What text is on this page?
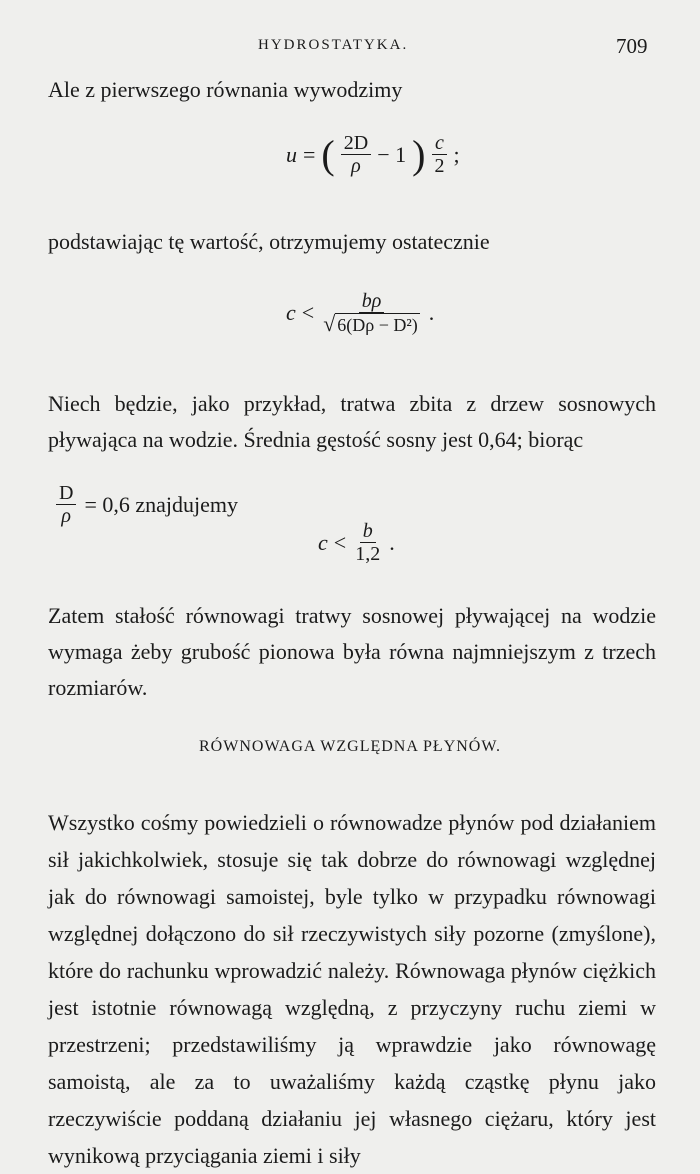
HYDROSTATYKA.	709
Ale z pierwszego równania wywodzimy
u = ( $\frac{2D}{\rho} - 1$ ) $\frac{c}{2}$ ;
podstawiając tę wartość, otrzymujemy ostatecznie
$c < \frac{b\rho}{\text{√ 6(Dρ − D²)}}$ .
Niech będzie, jako przykład, tratwa zbita z drzew sosnowych pływająca na wodzie. Średnia gęstość sosny jest 0,64; biorąc
$\frac{D}{\rho} = 0,6$ znajdujemy
$c < \frac{b}{1,2}$ .
Zatem stałość równowagi tratwy sosnowej pływającej na wodzie wymaga żeby grubość pionowa była równa najmniejszym z trzech rozmiarów.
RÓWNOWAGA WZGLĘDNA PŁYNÓW.
Wszystko cośmy powiedzieli o równowadze płynów pod działaniem sił jakichkolwiek, stosuje się tak dobrze do równowagi względnej jak do równowagi samoistej, byle tylko w przypadku równowagi względnej dołączono do sił rzeczywistych siły pozorne (zmyślone), które do rachunku wprowadzić należy. Równowaga płynów ciężkich jest istotnie równowagą względną, z przyczyny ruchu ziemi w przestrzeni; przedstawiliśmy ją wprawdzie jako równowagę samoistą, ale za to uważaliśmy każdą cząstkę płynu jako rzeczywiście poddaną działaniu jej własnego ciężaru, który jest wynikową przyciągania ziemi i siły
